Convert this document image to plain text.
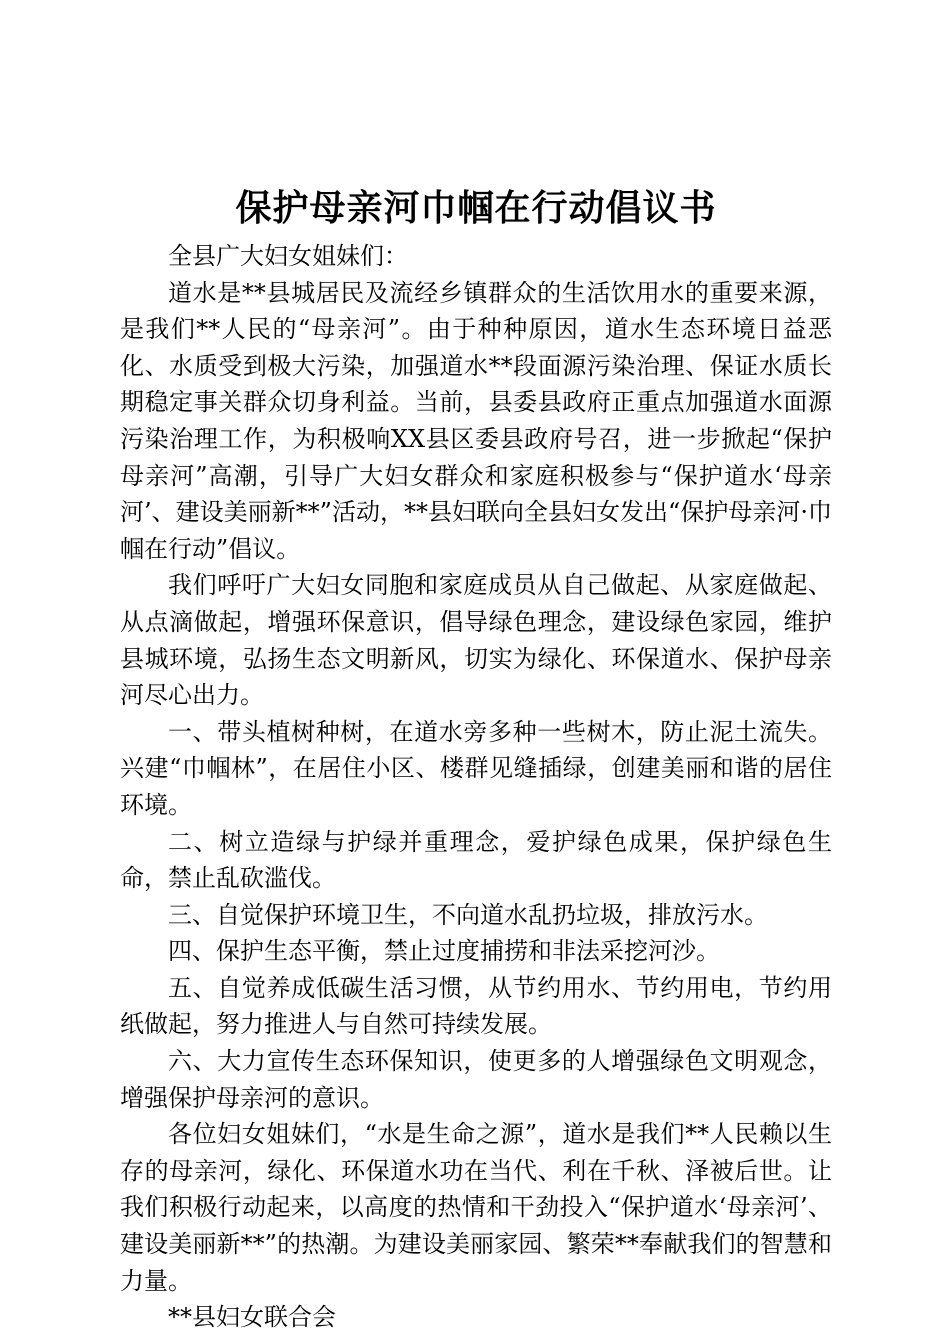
保护母亲河巾帼在行动倡议书

全县广大妇女姐妹们：

道水是**县城居民及流经乡镇群众的生活饮用水的重要来源，是我们**人民的“母亲河”。由于种种原因，道水生态环境日益恶化、水质受到极大污染，加强道水**段面源污染治理、保证水质长期稳定事关群众切身利益。当前，县委县政府正重点加强道水面源污染治理工作，为积极响XX县区委县政府号召，进一步掀起“保护母亲河”高潮，引导广大妇女群众和家庭积极参与“保护道水‘母亲河’、建设美丽新**”活动，**县妇联向全县妇女发出“保护母亲河·巾帼在行动”倡议。

我们呼吁广大妇女同胞和家庭成员从自己做起、从家庭做起、从点滴做起，增强环保意识，倡导绿色理念，建设绿色家园，维护县城环境，弘扬生态文明新风，切实为绿化、环保道水、保护母亲河尽心出力。

一、带头植树种树，在道水旁多种一些树木，防止泥土流失。兴建“巾帼林”，在居住小区、楼群见缝插绿，创建美丽和谐的居住环境。

二、树立造绿与护绿并重理念，爱护绿色成果，保护绿色生命，禁止乱砍滥伐。

三、自觉保护环境卫生，不向道水乱扔垃圾，排放污水。

四、保护生态平衡，禁止过度捕捞和非法采挖河沙。

五、自觉养成低碳生活习惯，从节约用水、节约用电，节约用纸做起，努力推进人与自然可持续发展。

六、大力宣传生态环保知识，使更多的人增强绿色文明观念，增强保护母亲河的意识。

各位妇女姐妹们，“水是生命之源”，道水是我们**人民赖以生存的母亲河，绿化、环保道水功在当代、利在千秋、泽被后世。让我们积极行动起来，以高度的热情和干劲投入“保护道水‘母亲河’、建设美丽新**”的热潮。为建设美丽家园、繁荣**奉献我们的智慧和力量。

**县妇女联合会
